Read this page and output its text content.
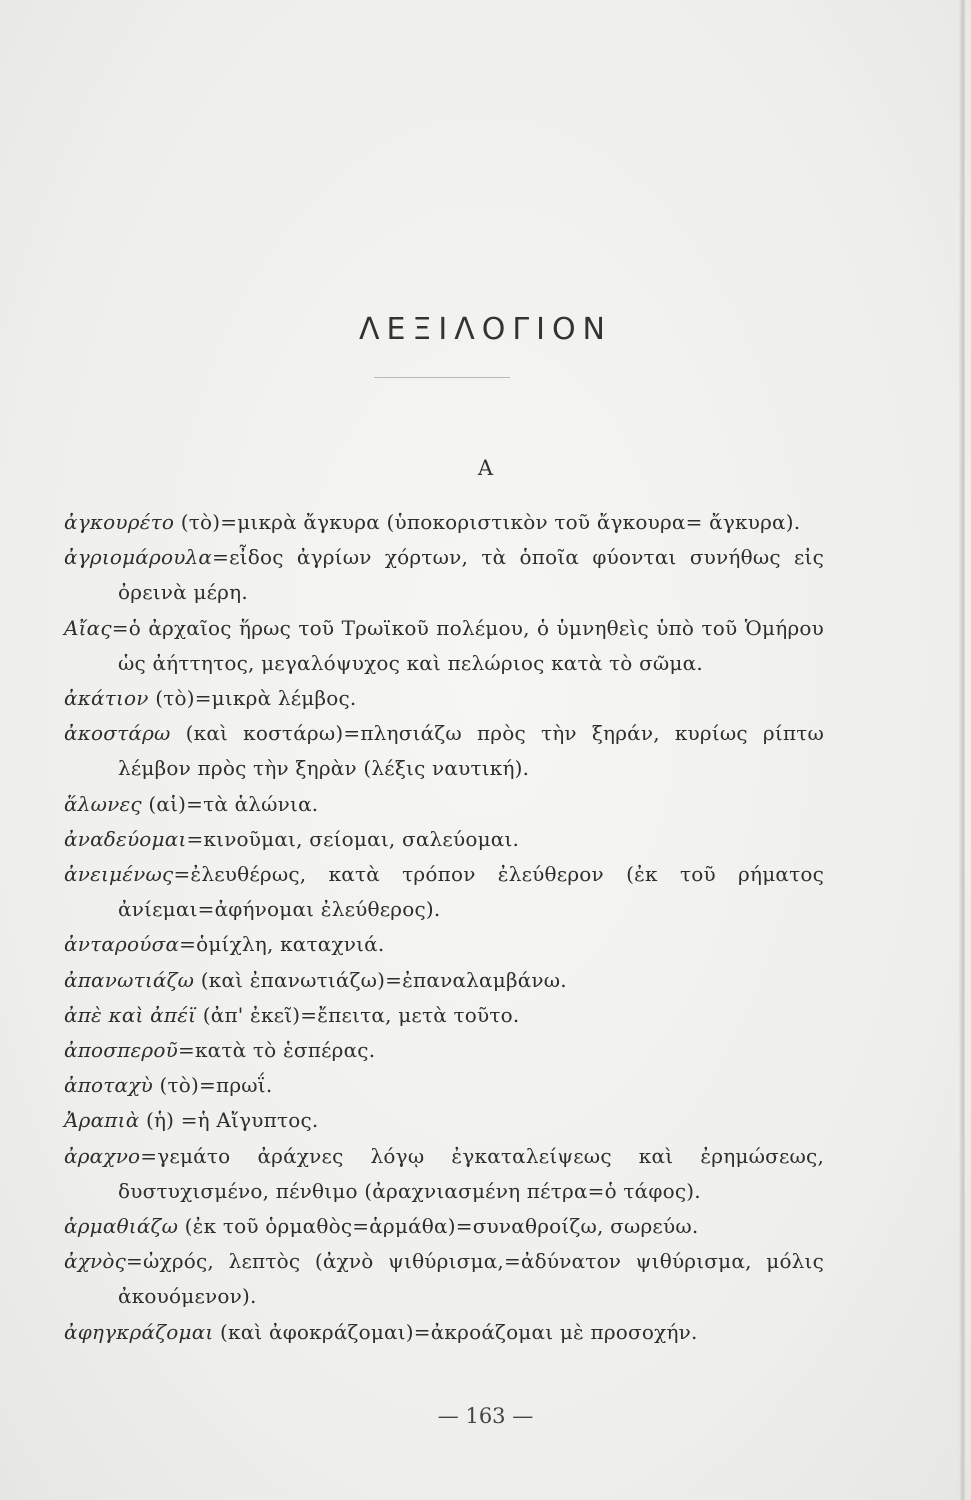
ΛΕΞΙΛΟΓΙΟΝ
Α
ἀγκουρέτο (τὸ)=μικρὰ ἄγκυρα (ὑποκοριστικὸν τοῦ ἄγκουρα= ἄγκυρα).
ἀγριομάρουλα=εἶδος ἀγρίων χόρτων, τὰ ὁποῖα φύονται συνήθως εἰς ὀρεινὰ μέρη.
Αἴας=ὁ ἀρχαῖος ἥρως τοῦ Τρωϊκοῦ πολέμου, ὁ ὑμνηθεὶς ὑπὸ τοῦ Ὁμήρου ὡς ἀήττητος, μεγαλόψυχος καὶ πελώριος κατὰ τὸ σῶμα.
ἀκάτιον (τὸ)=μικρὰ λέμβος.
ἀκοστάρω (καὶ κοστάρω)=πλησιάζω πρὸς τὴν ξηράν, κυρίως ρίπτω λέμβον πρὸς τὴν ξηρὰν (λέξις ναυτική).
ἅλωνες (αἱ)=τὰ ἁλώνια.
ἀναδεύομαι=κινοῦμαι, σείομαι, σαλεύομαι.
ἀνειμένως=ἐλευθέρως, κατὰ τρόπον ἐλεύθερον (ἐκ τοῦ ρήματος ἀνίεμαι=ἀφήνομαι ἐλεύθερος).
ἀνταρούσα=ὁμίχλη, καταχνιά.
ἀπανωτιάζω (καὶ ἐπανωτιάζω)=ἐπαναλαμβάνω.
ἀπὲ καὶ ἀπέϊ (ἀπ' ἐκεῖ)=ἔπειτα, μετὰ τοῦτο.
ἀποσπεροῦ=κατὰ τὸ ἑσπέρας.
ἀποταχὺ (τὸ)=πρωΐ.
Ἀραπιὰ (ἡ) =ἡ Αἴγυπτος.
ἀραχνο=γεμάτο ἀράχνες λόγῳ ἐγκαταλείψεως καὶ ἐρημώσεως, δυστυχισμένο, πένθιμο (ἀραχνιασμένη πέτρα=ὁ τάφος).
ἁρμαθιάζω (ἐκ τοῦ ὁρμαθὸς=ἁρμάθα)=συναθροίζω, σωρεύω.
ἀχνὸς=ὠχρός, λεπτὸς (ἀχνὸ ψιθύρισμα,=ἀδύνατον ψιθύρισμα, μόλις ἀκουόμενον).
ἀφηγκράζομαι (καὶ ἀφοκράζομαι)=ἀκροάζομαι μὲ προσοχήν.
— 163 —
